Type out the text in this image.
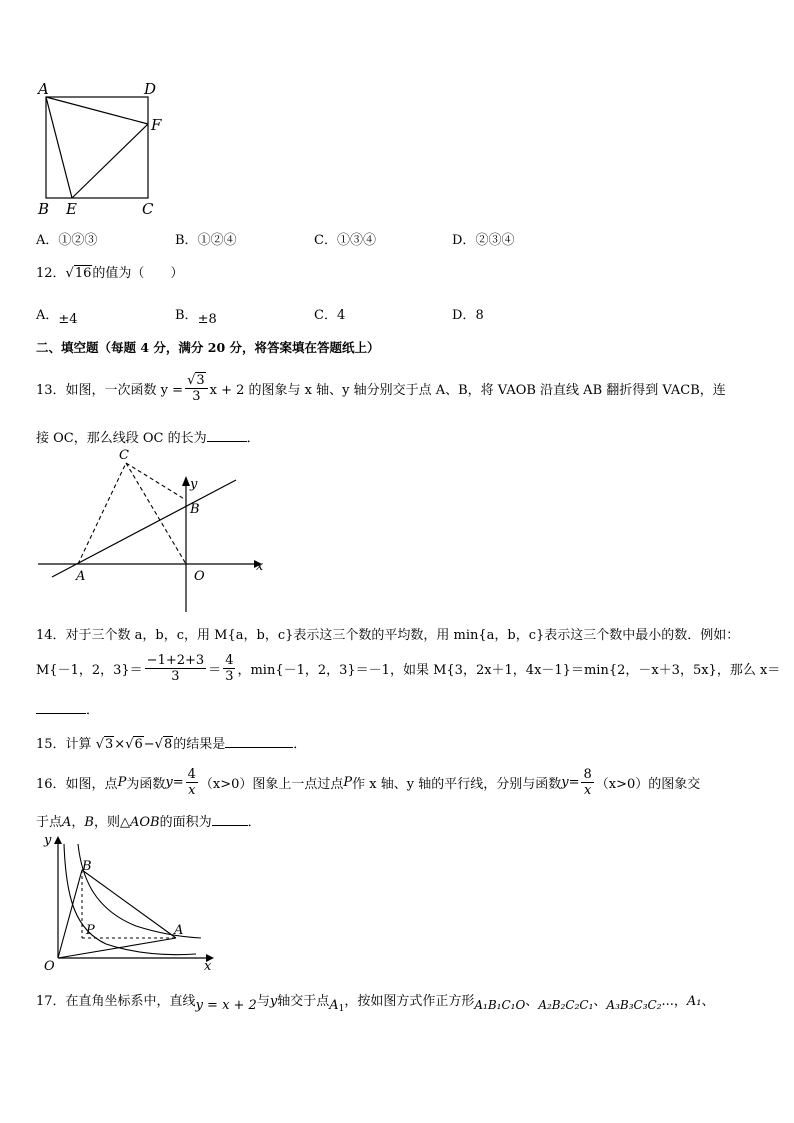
A	D
F
B E	C
A．①②③	B．①②④	C．①③④	D．②③④
12．√16的值为（　　）
A．±4	B．±8	C．4	D．8
二、填空题（每题 4 分，满分 20 分，将答案填在答题纸上）
13． 如图，一次函数 $y = \frac{√3}{3}$ x + 2 的图象与 x 轴、y 轴分别交于点 A、B，将 VAOB 沿直线 AB 翻折得到 VACB，连
接 OC，那么线段 OC 的长为	．
C
y
B
A	O
x
14．对于三个数 a，b，c，用 M{a，b，c}表示这三个数的平均数，用 min{a，b，c}表示这三个数中最小的数．例如：
M{－1，2，$3\}= \frac{-1+2+3}{3} = \frac{4}{3}$ ，min{－1，2，3}＝－1，如果 M{3，2x＋1，4x－1}＝min{2，－x＋3，5x}，那么 x＝
．
15．计算 √3×√6−√8的结果是	．
16． 如图，点 P 为函数 $y = \frac{4}{x} (x>0)$图象上一点过点 P 作 x 轴、y 轴的平行线，分别与函数 $y = \frac{8}{x} (x>0)$的图象交
于点A，B，则△AOB的面积为	．
y
B
P	A
O	x
17．在直角坐标系中，直线y = x + 2与y轴交于点$A_1$，按如图方式作正方形A₁B₁C₁O、A₂B₂C₂C₁、A₃B₃C₃C₂...，A₁、
